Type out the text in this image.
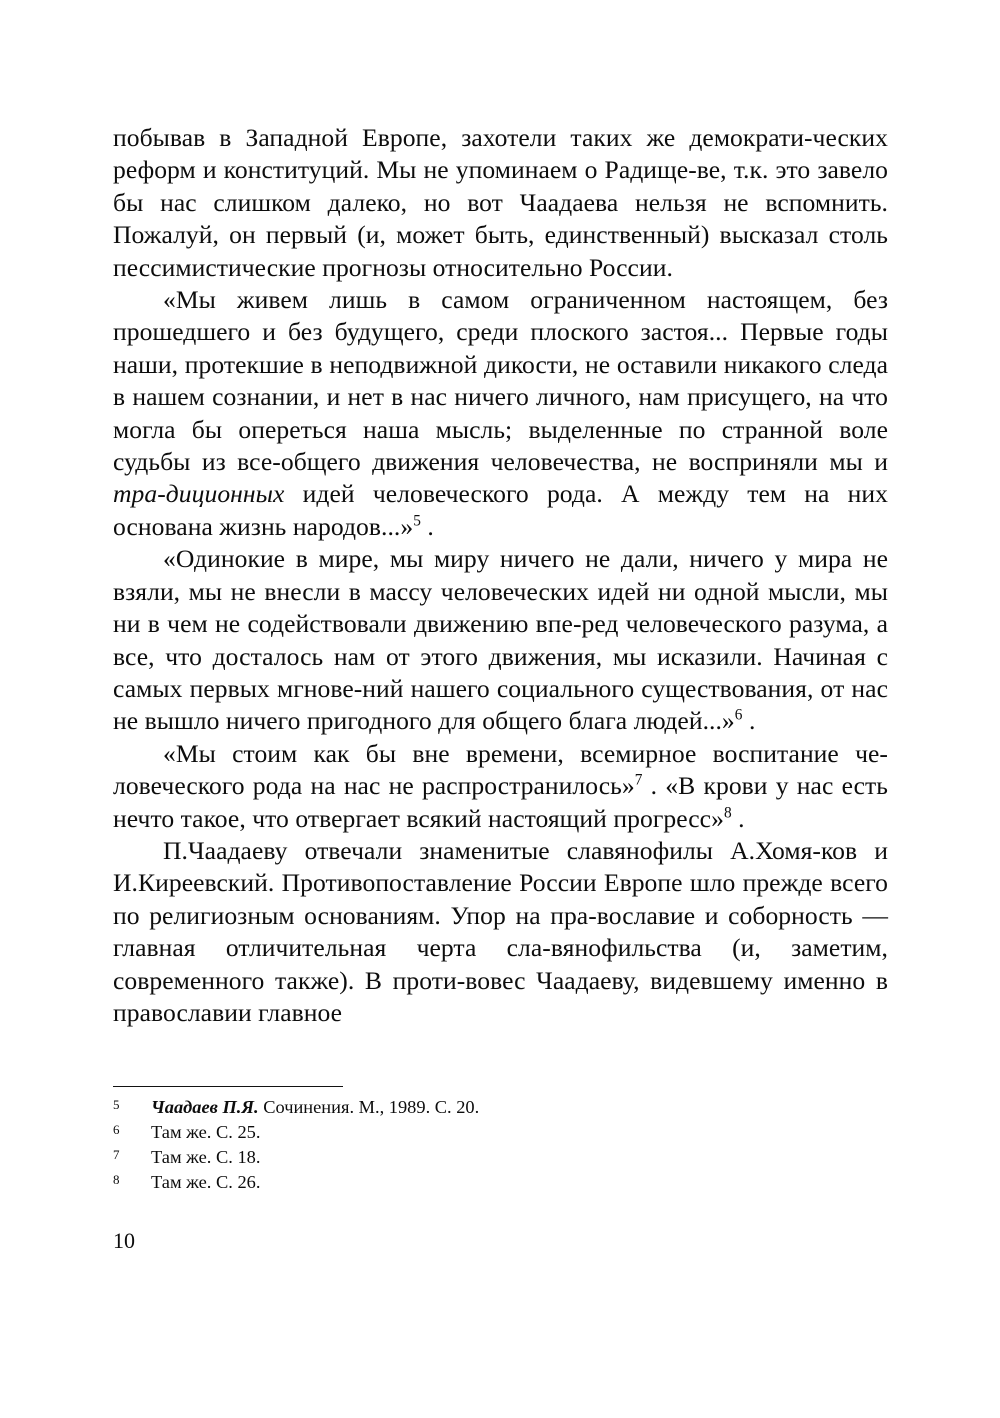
побывав в Западной Европе, захотели таких же демократи-ческих реформ и конституций. Мы не упоминаем о Радище-ве, т.к. это завело бы нас слишком далеко, но вот Чаадаева нельзя не вспомнить. Пожалуй, он первый (и, может быть, единственный) высказал столь пессимистические прогнозы относительно России.

«Мы живем лишь в самом ограниченном настоящем, без прошедшего и без будущего, среди плоского застоя... Первые годы наши, протекшие в неподвижной дикости, не оставили никакого следа в нашем сознании, и нет в нас ничего личного, нам присущего, на что могла бы опереться наша мысль; выделенные по странной воле судьбы из все-общего движения человечества, не восприняли мы и тра-диционных идей человеческого рода. А между тем на них основана жизнь народов...»$^5$ .

«Одинокие в мире, мы миру ничего не дали, ничего у мира не взяли, мы не внесли в массу человеческих идей ни одной мысли, мы ни в чем не содействовали движению впе-ред человеческого разума, а все, что досталось нам от этого движения, мы исказили. Начиная с самых первых мгнове-ний нашего социального существования, от нас не вышло ничего пригодного для общего блага людей...»$^6$ .

«Мы стоим как бы вне времени, всемирное воспитание че-ловеческого рода на нас не распространилось»$^7$ . «В крови у нас есть нечто такое, что отвергает всякий настоящий прогресс»$^8$ .

П.Чаадаеву отвечали знаменитые славянофилы А.Хомя-ков и И.Киреевский. Противопоставление России Европе шло прежде всего по религиозным основаниям. Упор на пра-вославие и соборность — главная отличительная черта сла-вянофильства (и, заметим, современного также). В проти-вовес Чаадаеву, видевшему именно в православии главное

5	Чаадаев П.Я. Сочинения. М., 1989. С. 20.
6	Там же. С. 25.
7	Там же. С. 18.
8	Там же. С. 26.
10
